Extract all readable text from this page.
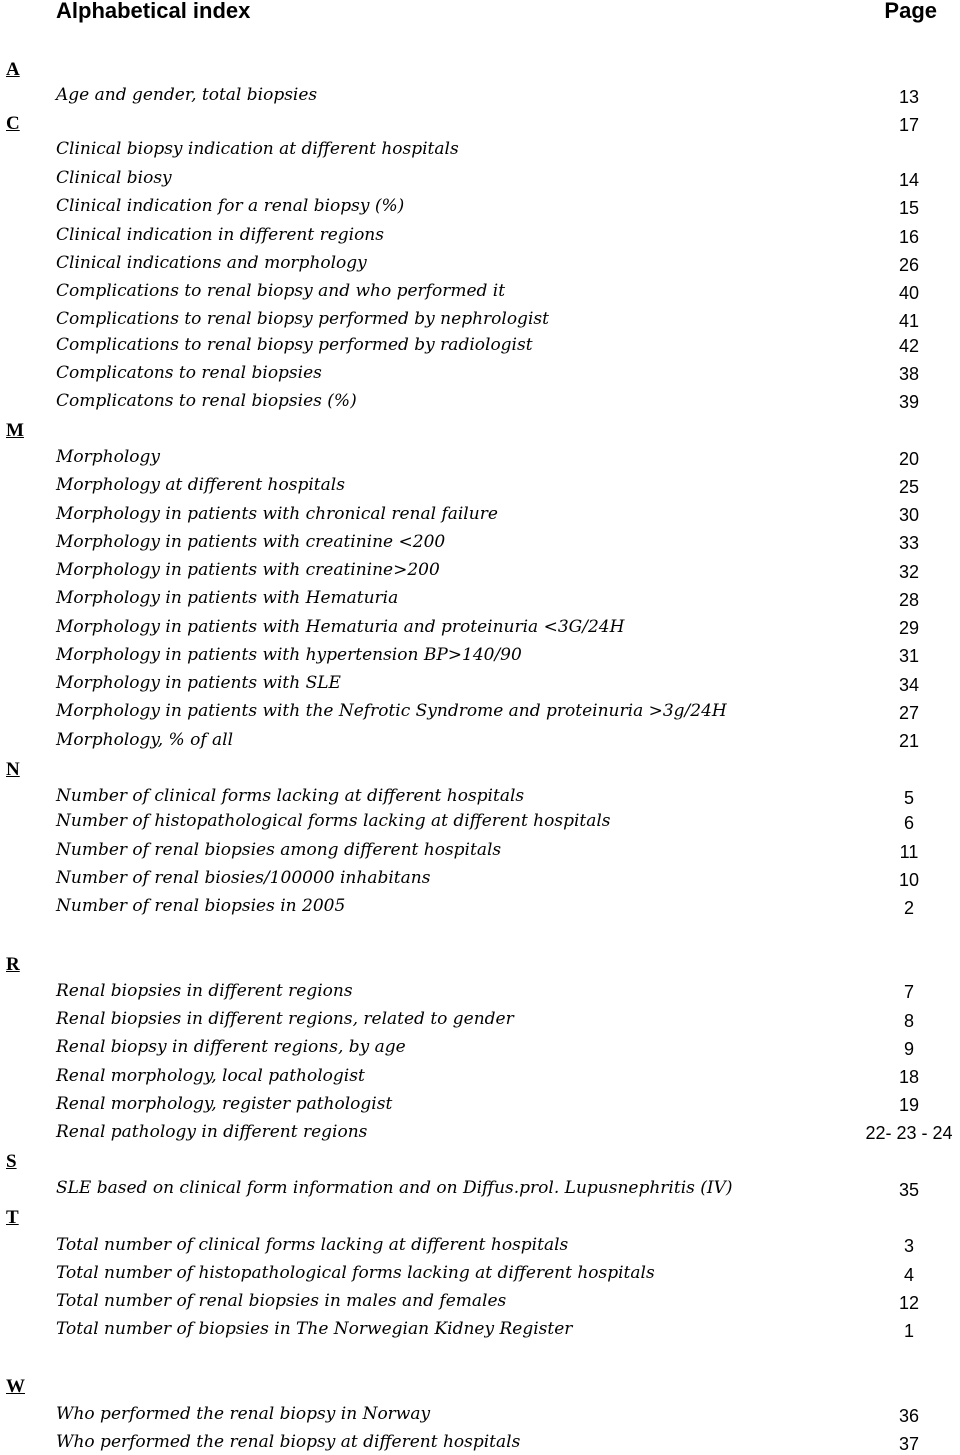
Alphabetical index	Page
A
C
M
N
R
S
T
W
Age and gender, total biopsies
Clinical biopsy indication at different hospitals
Clinical biosy
Clinical indication for a renal biopsy (%)
Clinical indication in different regions
Clinical indications and morphology
Complications to renal biopsy and who performed it
Complications to renal biopsy performed by nephrologist
Complications to renal biopsy performed by radiologist
Complicatons to renal biopsies
Complicatons to renal biopsies (%)
Morphology
Morphology at different hospitals
Morphology in patients with chronical renal failure
Morphology in patients with creatinine <200
Morphology in patients with creatinine>200
Morphology in patients with Hematuria
Morphology in patients with Hematuria and proteinuria <3G/24H
Morphology in patients with hypertension BP>140/90
Morphology in patients with SLE
Morphology in patients with the Nefrotic Syndrome and proteinuria >3g/24H
Morphology, % of all
Number of clinical forms lacking at different hospitals
Number of histopathological forms lacking at different hospitals
Number of renal biopsies among different hospitals
Number of renal biosies/100000 inhabitans
Number of renal biopsies in 2005
Renal biopsies in different regions
Renal biopsies in different regions, related to gender
Renal biopsy in different regions, by age
Renal morphology, local pathologist
Renal morphology, register pathologist
Renal pathology in different regions
SLE based on clinical form information and on Diffus.prol. Lupusnephritis (IV)
Total number of clinical forms lacking at different hospitals
Total number of histopathological forms lacking at different hospitals
Total number of renal biopsies in males and females
Total number of biopsies in The Norwegian Kidney Register
Who performed the renal biopsy in Norway
Who performed the renal biopsy at different hospitals
13
17
14
15
16
26
40
41
42
38
39
20
25
30
33
32
28
29
31
34
27
21
5
6
11
10
2
7
8
9
18
19
22- 23 - 24
35
3
4
12
1
36
37
